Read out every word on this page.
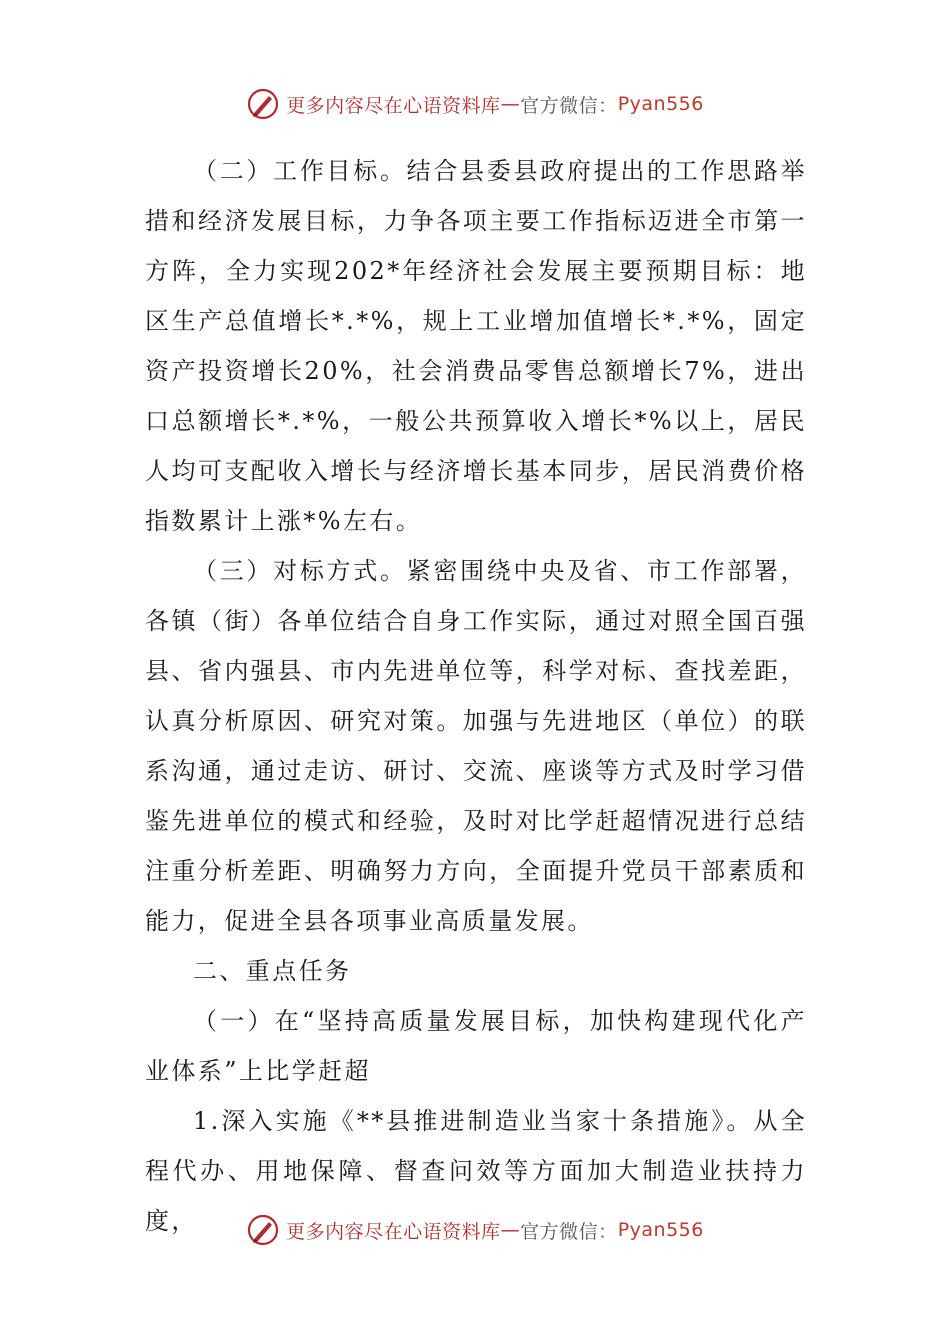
更多内容尽在心语资料库 — 官方微信： Pyan556

（二）工作目标。结合县委县政府提出的工作思路举措和经济发展目标，力争各项主要工作指标迈进全市第一方阵，全力实现202*年经济社会发展主要预期目标：地区生产总值增长*.*%，规上工业增加值增长*.*%，固定资产投资增长20%，社会消费品零售总额增长7%，进出口总额增长*.*%，一般公共预算收入增长*%以上，居民人均可支配收入增长与经济增长基本同步，居民消费价格指数累计上涨*%左右。

（三）对标方式。紧密围绕中央及省、市工作部署，各镇（街）各单位结合自身工作实际，通过对照全国百强县、省内强县、市内先进单位等，科学对标、查找差距，认真分析原因、研究对策。加强与先进地区（单位）的联系沟通，通过走访、研讨、交流、座谈等方式及时学习借鉴先进单位的模式和经验，及时对比学赶超情况进行总结注重分析差距、明确努力方向，全面提升党员干部素质和能力，促进全县各项事业高质量发展。

二、重点任务

（一）在“坚持高质量发展目标，加快构建现代化产业体系”上比学赶超

1.深入实施《**县推进制造业当家十条措施》。从全程代办、用地保障、督查问效等方面加大制造业扶持力度，	更多内容尽在心语资料库 — 官方微信： Pyan556
